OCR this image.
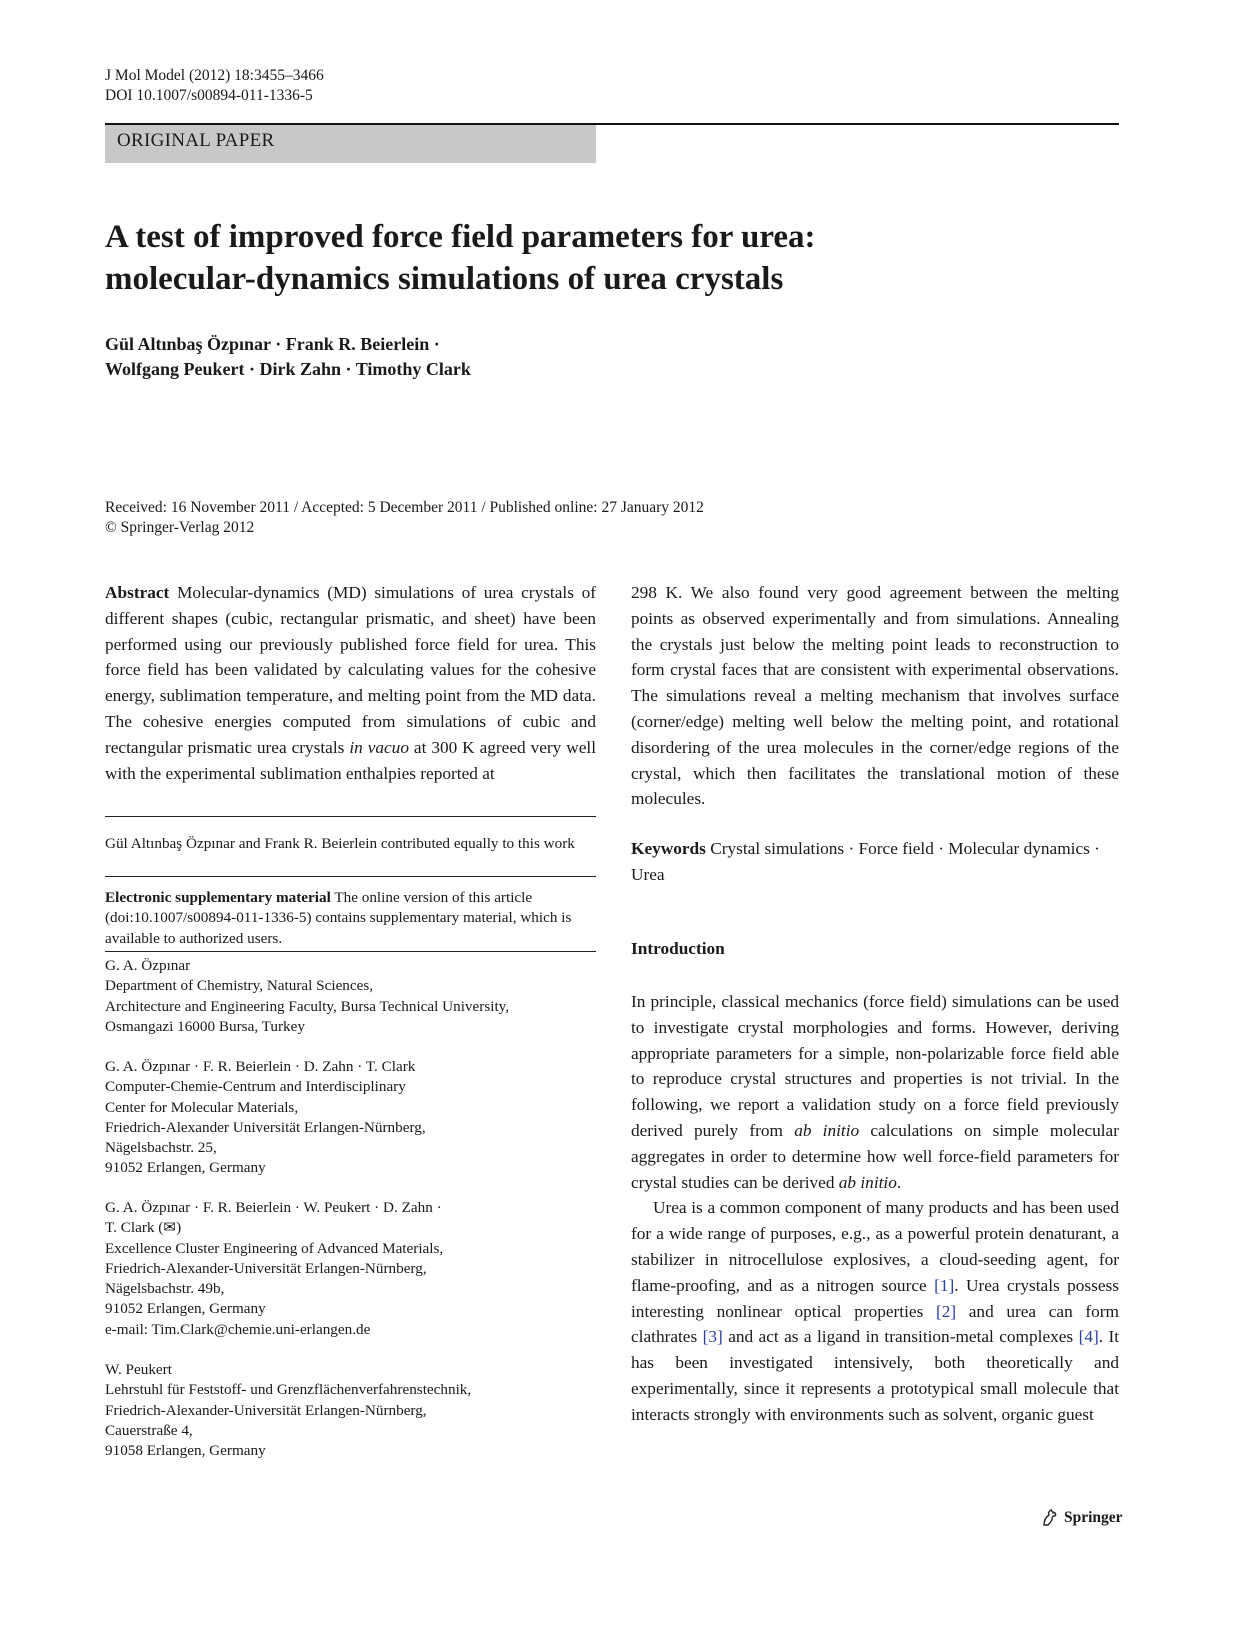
J Mol Model (2012) 18:3455–3466
DOI 10.1007/s00894-011-1336-5
ORIGINAL PAPER
A test of improved force field parameters for urea:
molecular-dynamics simulations of urea crystals
Gül Altınbaş Özpınar · Frank R. Beierlein ·
Wolfgang Peukert · Dirk Zahn · Timothy Clark
Received: 16 November 2011 / Accepted: 5 December 2011 / Published online: 27 January 2012
© Springer-Verlag 2012
Abstract Molecular-dynamics (MD) simulations of urea crystals of different shapes (cubic, rectangular prismatic, and sheet) have been performed using our previously published force field for urea. This force field has been validated by calculating values for the cohesive energy, sublimation temperature, and melting point from the MD data. The cohesive energies computed from simulations of cubic and rectangular prismatic urea crystals in vacuo at 300 K agreed very well with the experimental sublimation enthalpies reported at
Gül Altınbaş Özpınar and Frank R. Beierlein contributed equally to this work
Electronic supplementary material The online version of this article (doi:10.1007/s00894-011-1336-5) contains supplementary material, which is available to authorized users.
G. A. Özpınar
Department of Chemistry, Natural Sciences,
Architecture and Engineering Faculty, Bursa Technical University,
Osmangazi 16000 Bursa, Turkey
G. A. Özpınar · F. R. Beierlein · D. Zahn · T. Clark
Computer-Chemie-Centrum and Interdisciplinary
Center for Molecular Materials,
Friedrich-Alexander Universität Erlangen-Nürnberg,
Nägelsbachstr. 25,
91052 Erlangen, Germany
G. A. Özpınar · F. R. Beierlein · W. Peukert · D. Zahn ·
T. Clark (✉)
Excellence Cluster Engineering of Advanced Materials,
Friedrich-Alexander-Universität Erlangen-Nürnberg,
Nägelsbachstr. 49b,
91052 Erlangen, Germany
e-mail: Tim.Clark@chemie.uni-erlangen.de
W. Peukert
Lehrstuhl für Feststoff- und Grenzflächenverfahrenstechnik,
Friedrich-Alexander-Universität Erlangen-Nürnberg,
Cauerstraße 4,
91058 Erlangen, Germany
298 K. We also found very good agreement between the melting points as observed experimentally and from simulations. Annealing the crystals just below the melting point leads to reconstruction to form crystal faces that are consistent with experimental observations. The simulations reveal a melting mechanism that involves surface (corner/edge) melting well below the melting point, and rotational disordering of the urea molecules in the corner/edge regions of the crystal, which then facilitates the translational motion of these molecules.
Keywords Crystal simulations · Force field · Molecular dynamics · Urea
Introduction
In principle, classical mechanics (force field) simulations can be used to investigate crystal morphologies and forms. However, deriving appropriate parameters for a simple, non-polarizable force field able to reproduce crystal structures and properties is not trivial. In the following, we report a validation study on a force field previously derived purely from ab initio calculations on simple molecular aggregates in order to determine how well force-field parameters for crystal studies can be derived ab initio.
Urea is a common component of many products and has been used for a wide range of purposes, e.g., as a powerful protein denaturant, a stabilizer in nitrocellulose explosives, a cloud-seeding agent, for flame-proofing, and as a nitrogen source [1]. Urea crystals possess interesting nonlinear optical properties [2] and urea can form clathrates [3] and act as a ligand in transition-metal complexes [4]. It has been investigated intensively, both theoretically and experimentally, since it represents a prototypical small molecule that interacts strongly with environments such as solvent, organic guest
Springer
